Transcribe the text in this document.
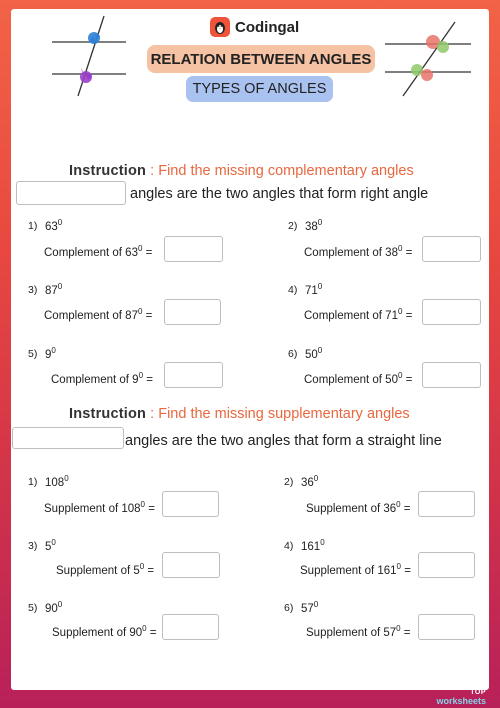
Codingal
RELATION BETWEEN ANGLES
TYPES OF ANGLES
Instruction : Find the missing complementary angles
angles are the two angles that form right angle
1) $63^0$
Complement of $63^0$ =
2) $38^0$
Complement of $38^0$ =
3) $87^0$
Complement of $87^0$ =
4) $71^0$
Complement of $71^0$ =
5) $9^0$
Complement of $9^0$ =
6) $50^0$
Complement of $50^0$ =
Instruction : Find the missing supplementary angles
angles are the two angles that form a straight line
1) $108^0$
Supplement of $108^0$ =
2) $36^0$
Supplement of $36^0$ =
3) $5^0$
Supplement of $5^0$ =
4) $161^0$
Supplement of $161^0$ =
5) $90^0$
Supplement of $90^0$ =
6) $57^0$
Supplement of $57^0$ =
TOP
worksheets
